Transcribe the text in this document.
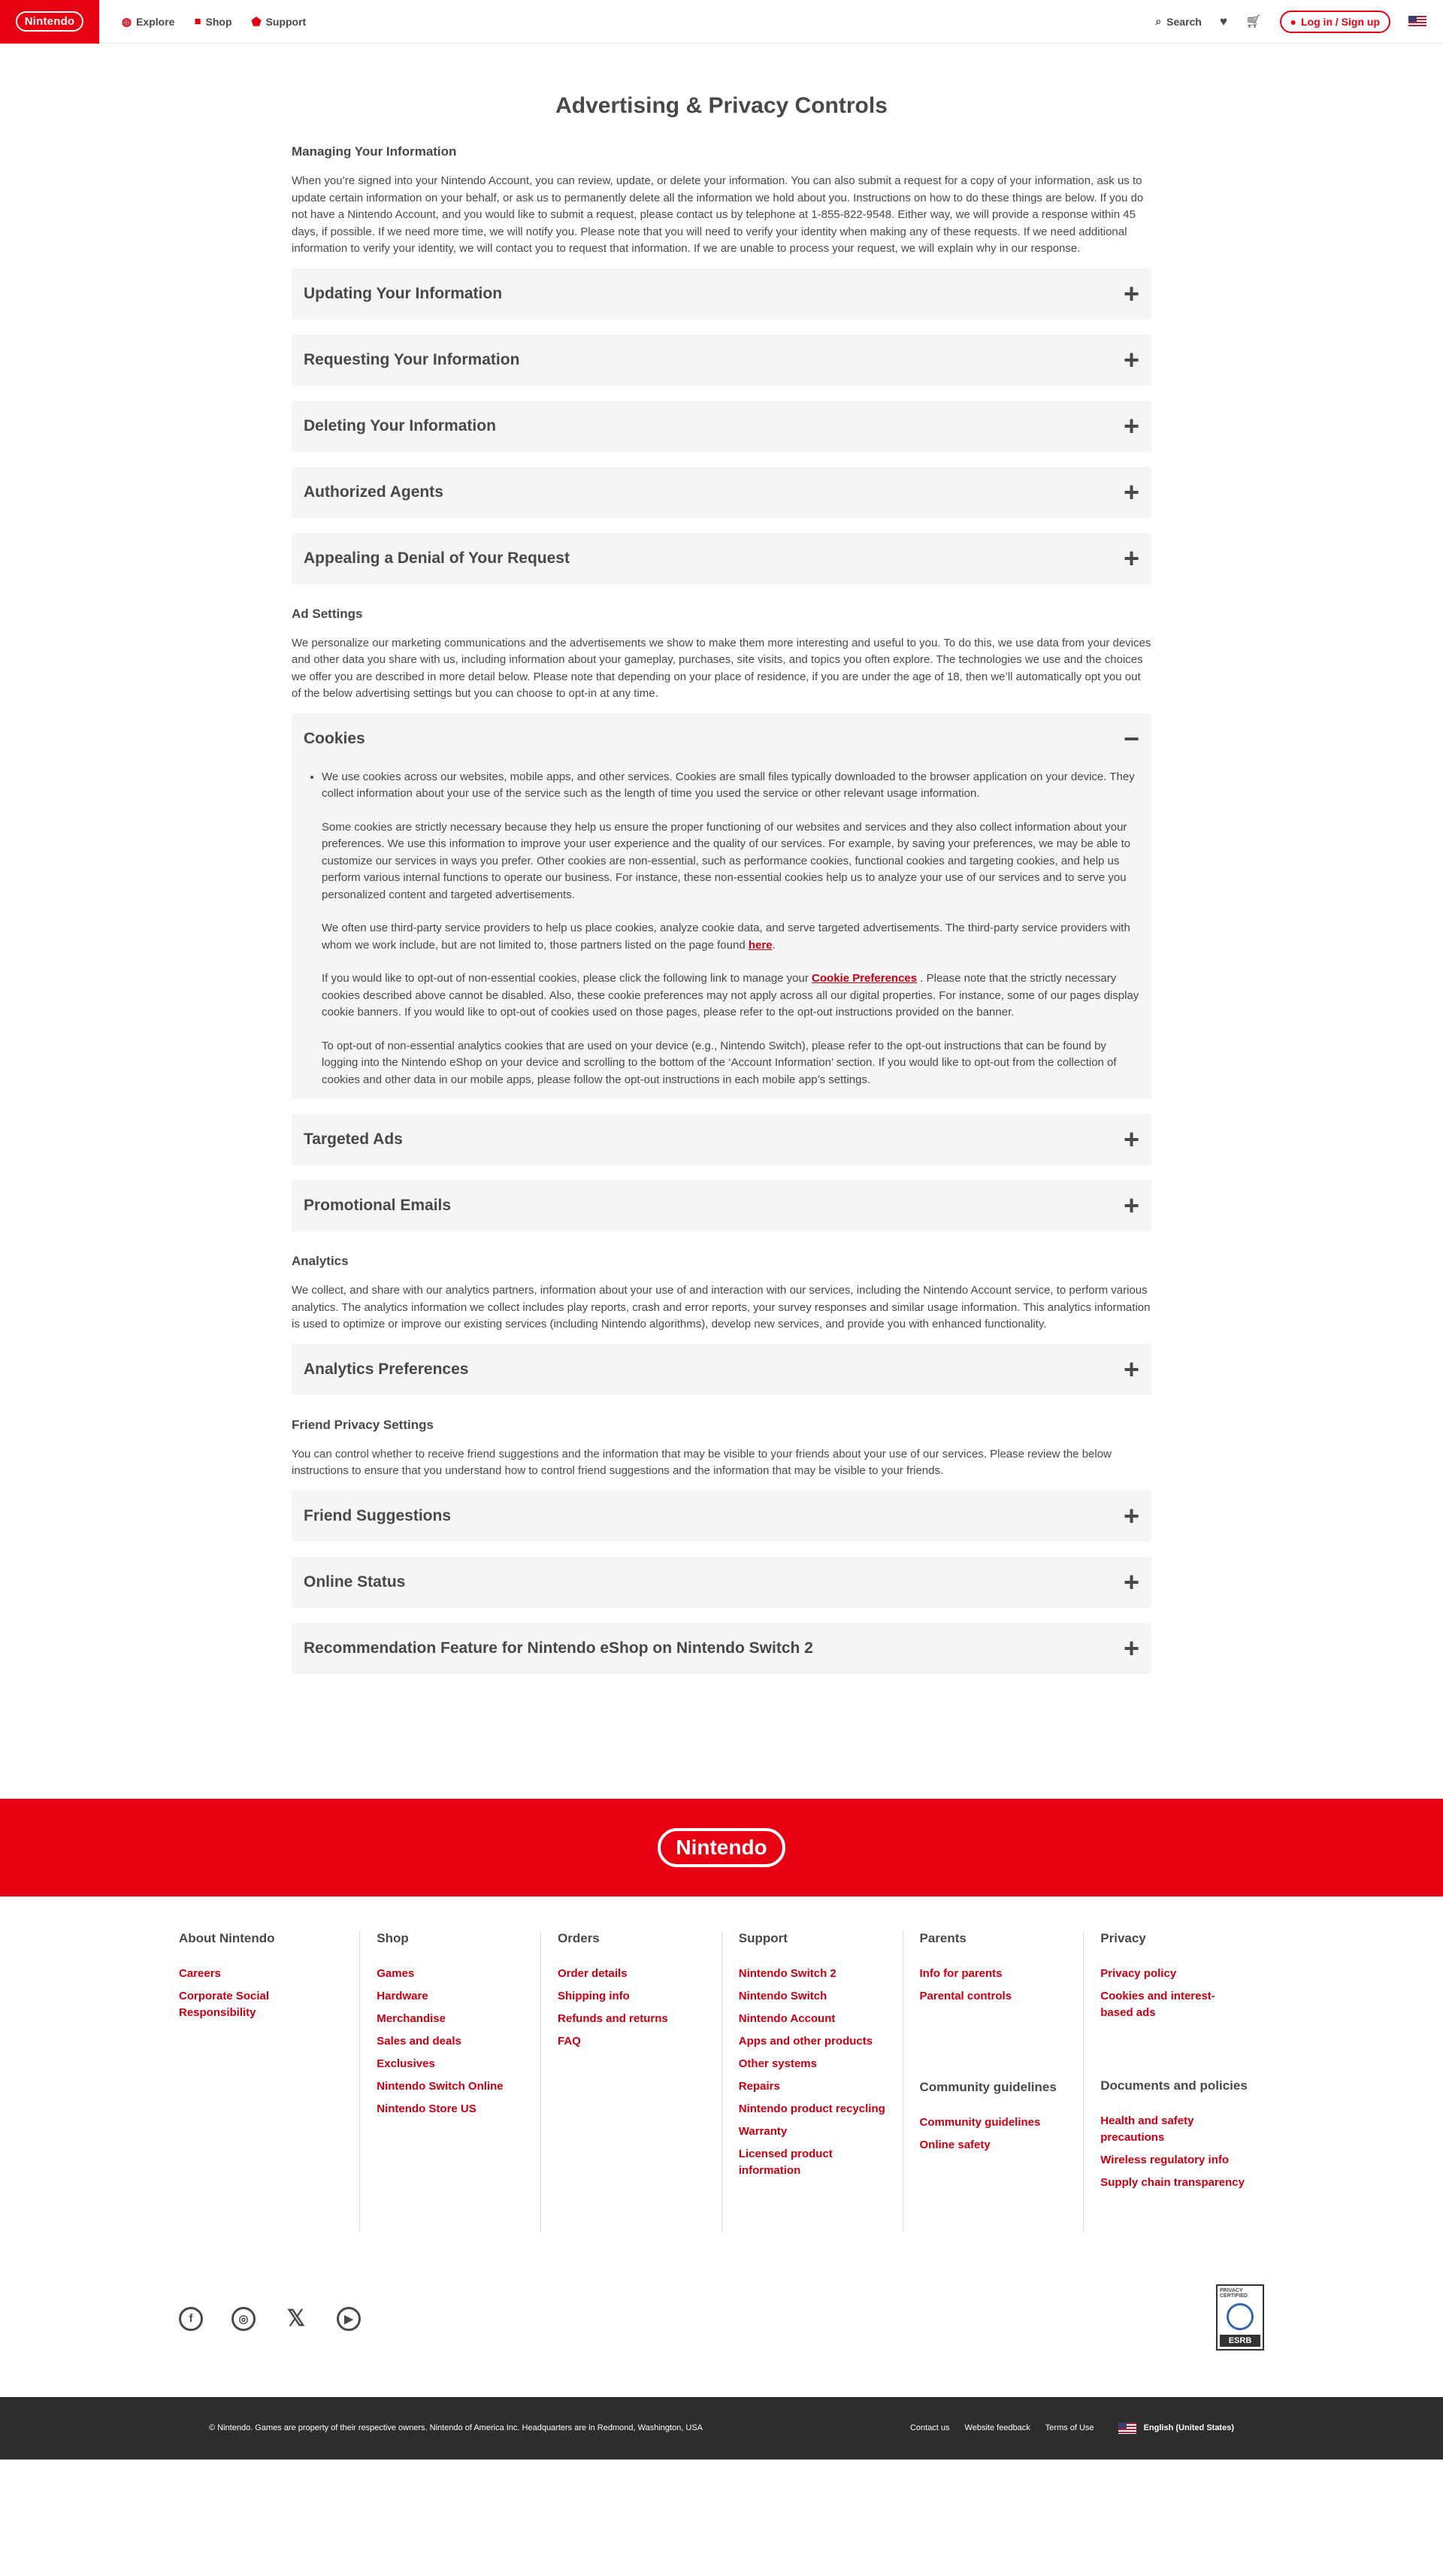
Nintendo	◍ Explore ■ Shop ⬟ Support	⌕ Search ♥ 🛒︎	● Log in / Sign up
Advertising & Privacy Controls
Managing Your Information

When you’re signed into your Nintendo Account, you can review, update, or delete your information. You can also submit a request for a copy of your information, ask us to update certain information on your behalf, or ask us to permanently delete all the information we hold about you. Instructions on how to do these things are below. If you do not have a Nintendo Account, and you would like to submit a request, please contact us by telephone at 1-855-822-9548. Either way, we will provide a response within 45 days, if possible. If we need more time, we will notify you. Please note that you will need to verify your identity when making any of these requests. If we need additional information to verify your identity, we will contact you to request that information. If we are unable to process your request, we will explain why in our response.

Updating Your Information	+
Requesting Your Information	+
Deleting Your Information	+
Authorized Agents	+
Appealing a Denial of Your Request	+
Ad Settings

We personalize our marketing communications and the advertisements we show to make them more interesting and useful to you. To do this, we use data from your devices and other data you share with us, including information about your gameplay, purchases, site visits, and topics you often explore. The technologies we use and the choices we offer you are described in more detail below. Please note that depending on your place of residence, if you are under the age of 18, then we’ll automatically opt you out of the below advertising settings but you can choose to opt-in at any time.

Cookies	−
• We use cookies across our websites, mobile apps, and other services. Cookies are small files typically downloaded to the browser application on your device. They collect information about your use of the service such as the length of time you used the service or other relevant usage information.

Some cookies are strictly necessary because they help us ensure the proper functioning of our websites and services and they also collect information about your preferences. We use this information to improve your user experience and the quality of our services. For example, by saving your preferences, we may be able to customize our services in ways you prefer. Other cookies are non-essential, such as performance cookies, functional cookies and targeting cookies, and help us perform various internal functions to operate our business. For instance, these non-essential cookies help us to analyze your use of our services and to serve you personalized content and targeted advertisements.

We often use third-party service providers to help us place cookies, analyze cookie data, and serve targeted advertisements. The third-party service providers with whom we work include, but are not limited to, those partners listed on the page found here.

If you would like to opt-out of non-essential cookies, please click the following link to manage your Cookie Preferences . Please note that the strictly necessary cookies described above cannot be disabled. Also, these cookie preferences may not apply across all our digital properties. For instance, some of our pages display cookie banners. If you would like to opt-out of cookies used on those pages, please refer to the opt-out instructions provided on the banner.

To opt-out of non-essential analytics cookies that are used on your device (e.g., Nintendo Switch), please refer to the opt-out instructions that can be found by logging into the Nintendo eShop on your device and scrolling to the bottom of the ‘Account Information’ section. If you would like to opt-out from the collection of cookies and other data in our mobile apps, please follow the opt-out instructions in each mobile app’s settings.

Targeted Ads	+
Promotional Emails	+
Analytics

We collect, and share with our analytics partners, information about your use of and interaction with our services, including the Nintendo Account service, to perform various analytics. The analytics information we collect includes play reports, crash and error reports, your survey responses and similar usage information. This analytics information is used to optimize or improve our existing services (including Nintendo algorithms), develop new services, and provide you with enhanced functionality.

Analytics Preferences	+
Friend Privacy Settings

You can control whether to receive friend suggestions and the information that may be visible to your friends about your use of our services. Please review the below instructions to ensure that you understand how to control friend suggestions and the information that may be visible to your friends.

Friend Suggestions	+
Online Status	+
Recommendation Feature for Nintendo eShop on Nintendo Switch 2	+
Nintendo
About Nintendo
Careers
Corporate Social Responsibility
Shop
Games
Hardware
Merchandise
Sales and deals
Exclusives
Nintendo Switch Online
Nintendo Store US
Orders
Order details
Shipping info
Refunds and returns
FAQ
Support
Nintendo Switch 2
Nintendo Switch
Nintendo Account
Apps and other products
Other systems
Repairs
Nintendo product recycling
Warranty
Licensed product information
Parents
Info for parents
Parental controls
Community guidelines
Community guidelines
Online safety
Privacy
Privacy policy
Cookies and interest-based ads
Documents and policies
Health and safety precautions
Wireless regulatory info
Supply chain transparency
f	◎	𝕏	▶
PRIVACY CERTIFIED
ESRB
© Nintendo. Games are property of their respective owners. Nintendo of America Inc. Headquarters are in Redmond, Washington, USA	Contact us Website feedback Terms of Use	English (United States)
